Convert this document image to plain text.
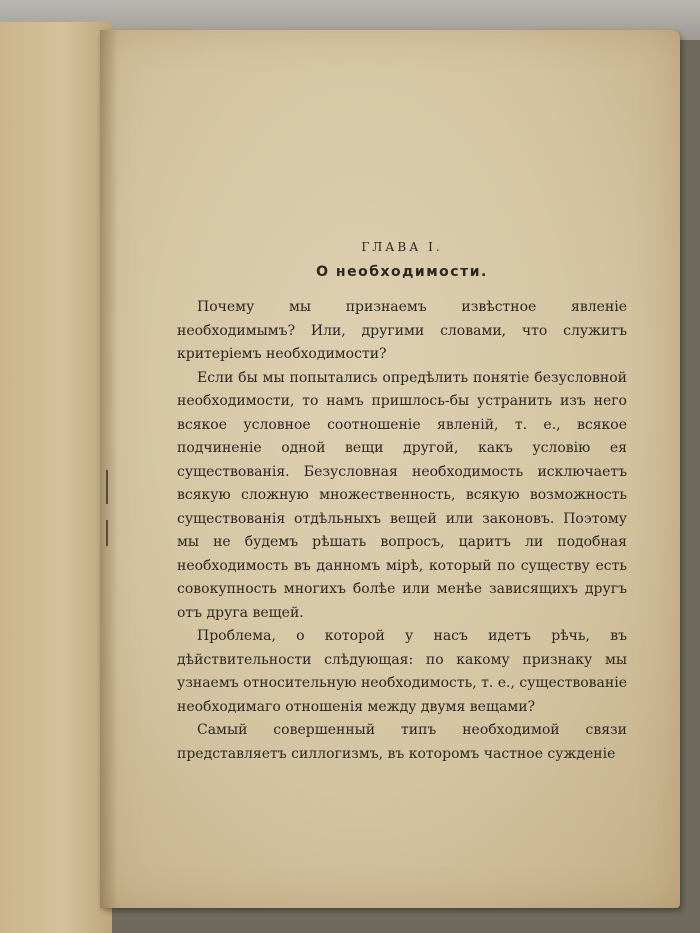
ГЛАВА I.
О необходимости.

Почему мы признаемъ извѣстное явленіе необходимымъ? Или, другими словами, что служитъ критеріемъ необходимости?

Если бы мы попытались опредѣлить понятіе безусловной необходимости, то намъ пришлось-бы устранить изъ него всякое условное соотношеніе явленій, т. е., всякое подчиненіе одной вещи другой, какъ условію ея существованія. Безусловная необходимость исключаетъ всякую сложную множественность, всякую возможность существованія отдѣльныхъ вещей или законовъ. Поэтому мы не будемъ рѣшать вопросъ, царитъ ли подобная необходимость въ данномъ мірѣ, который по существу есть совокупность многихъ болѣе или менѣе зависящихъ другъ отъ друга вещей.

Проблема, о которой у насъ идетъ рѣчь, въ дѣйствительности слѣдующая: по какому признаку мы узнаемъ относительную необходимость, т. е., существованіе необходимаго отношенія между двумя вещами?

Самый совершенный типъ необходимой связи представляетъ силлогизмъ, въ которомъ частное сужденіе
